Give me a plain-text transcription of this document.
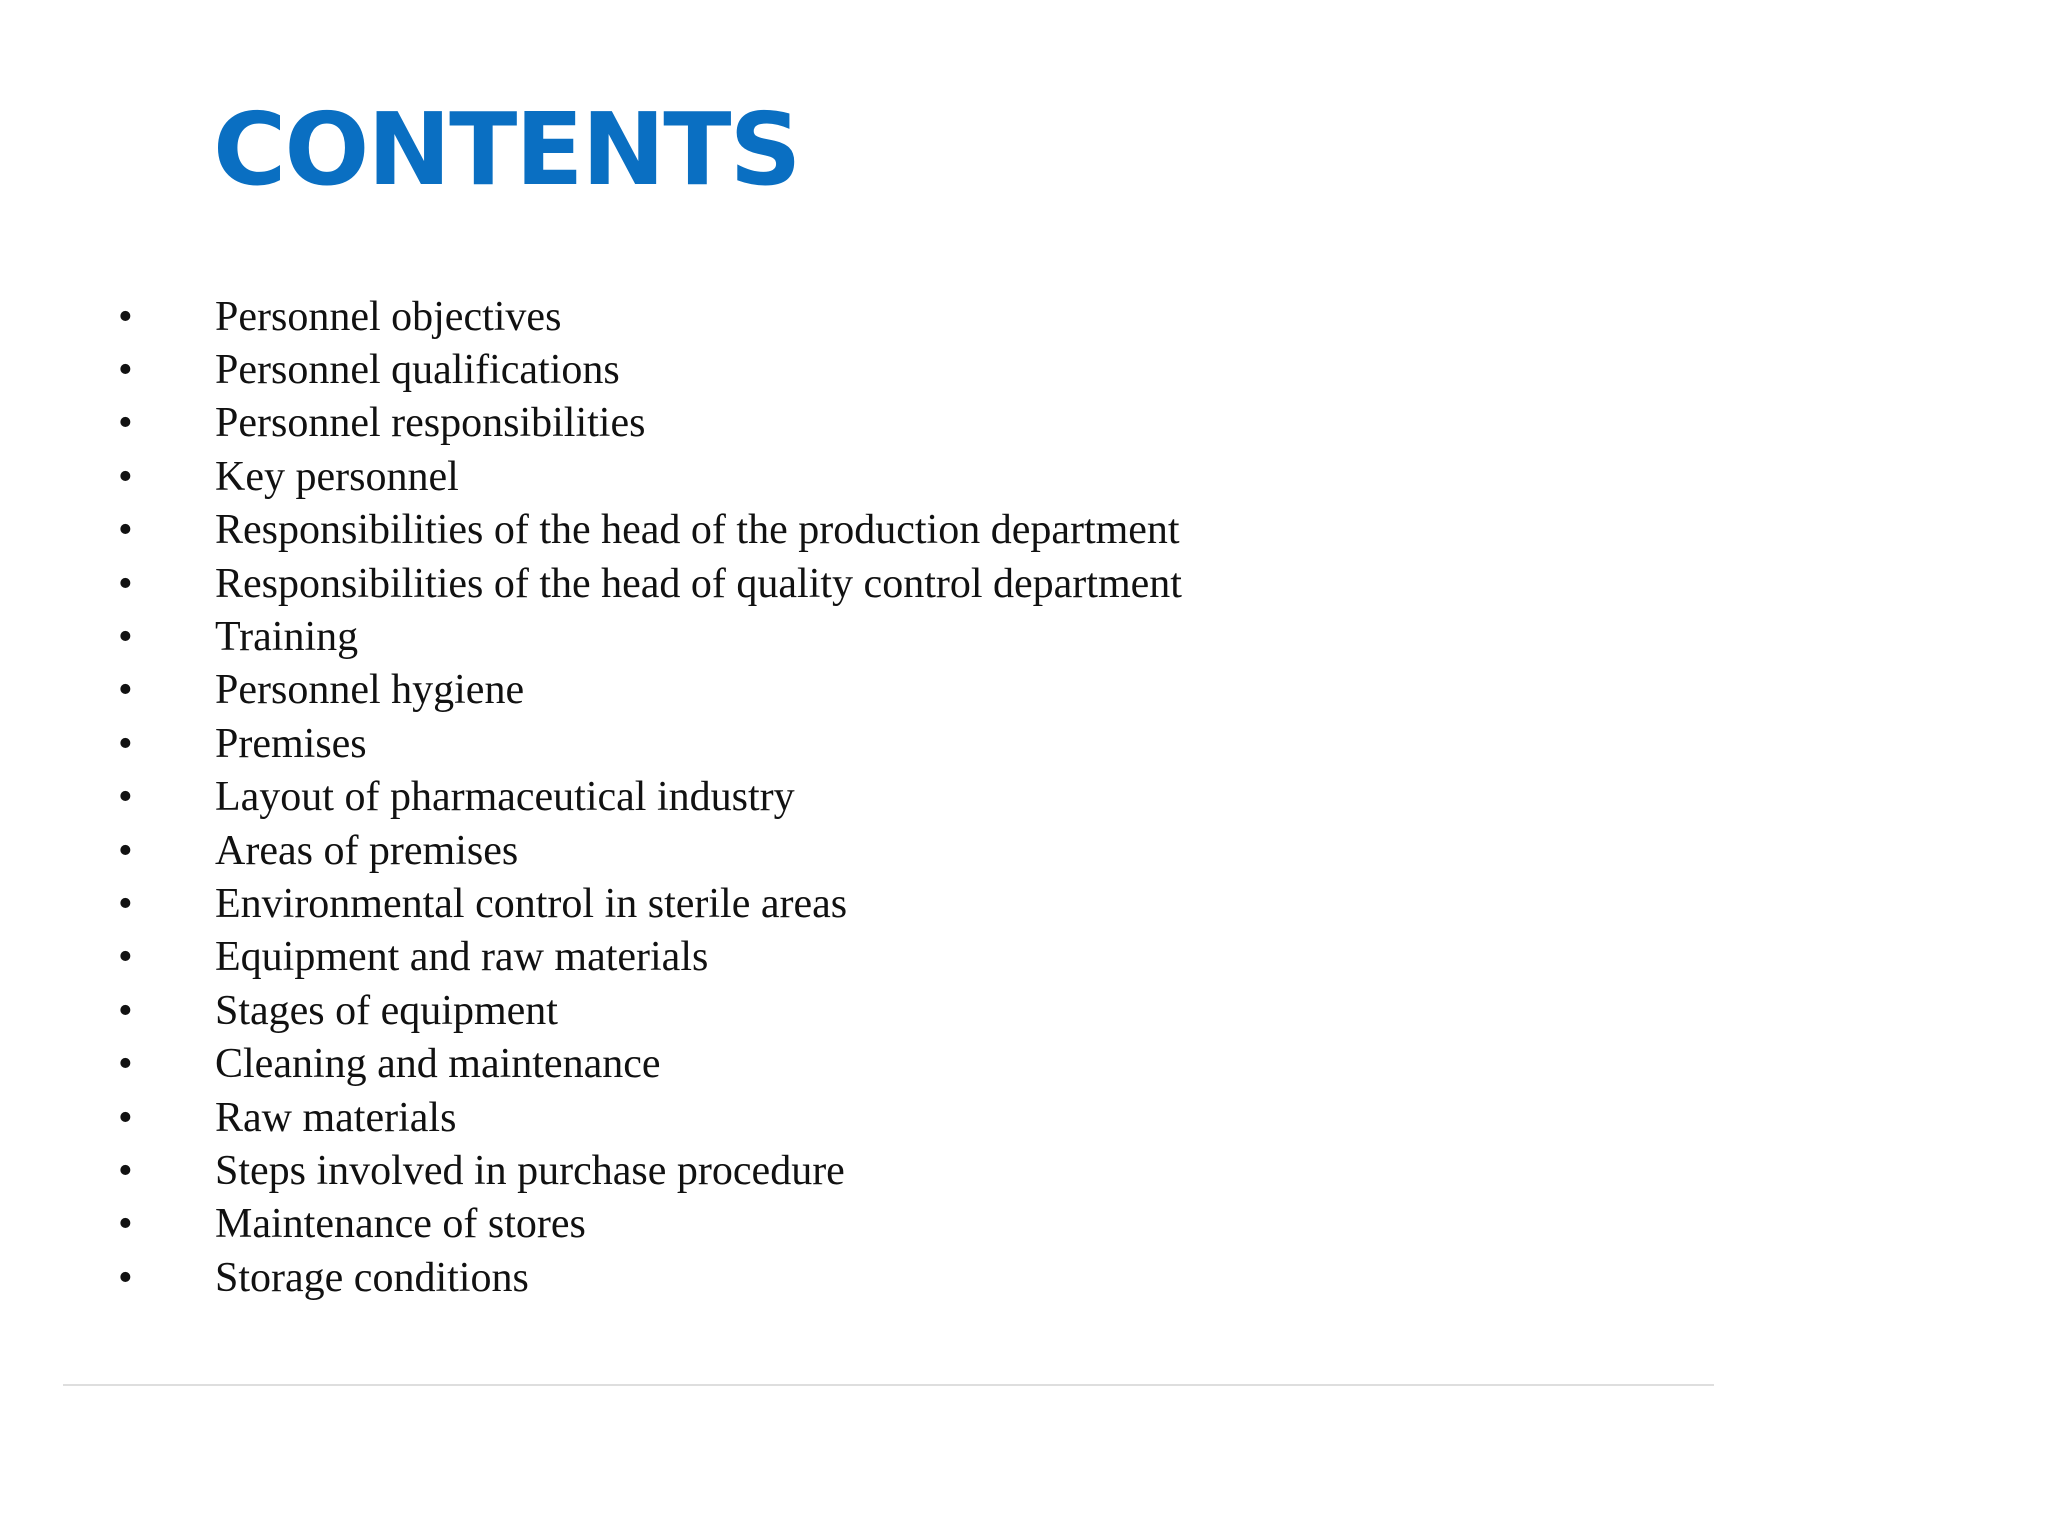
CONTENTS
•	Personnel objectives
•	Personnel qualifications
•	Personnel responsibilities
•	Key personnel
•	Responsibilities of the head of the production department
•	Responsibilities of the head of quality control department
•	Training
•	Personnel hygiene
•	Premises
•	Layout of pharmaceutical industry
•	Areas of premises
•	Environmental control in sterile areas
•	Equipment and raw materials
•	Stages of equipment
•	Cleaning and maintenance
•	Raw materials
•	Steps involved in purchase procedure
•	Maintenance of stores
•	Storage conditions
